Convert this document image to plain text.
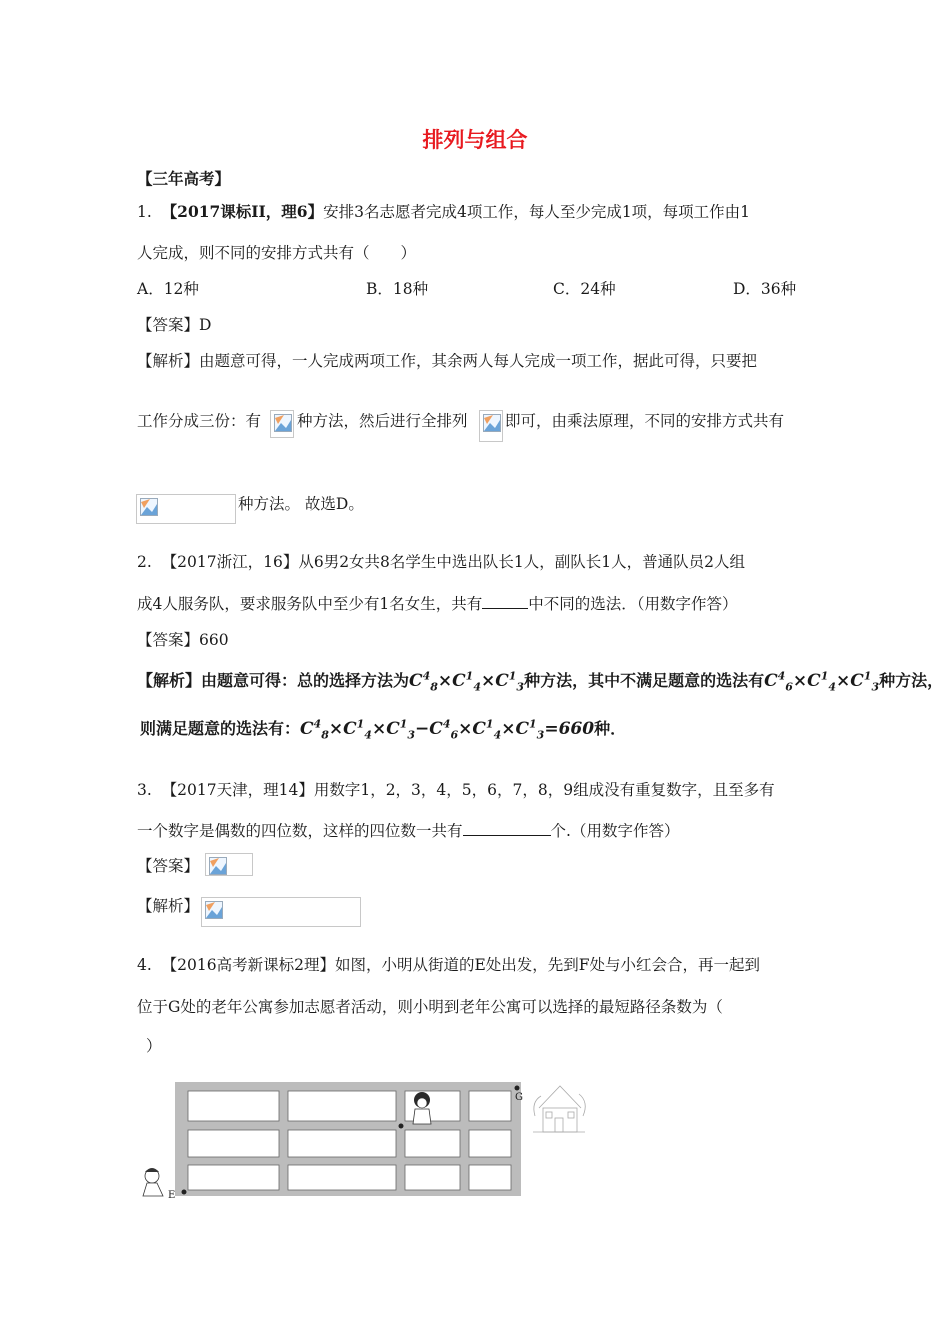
排列与组合
【三年高考】
1. 【2017课标II，理6】安排3名志愿者完成4项工作，每人至少完成1项，每项工作由1
人完成，则不同的安排方式共有（　　）
A．12种	B．18种	C．24种	D．36种
【答案】D
【解析】由题意可得，一人完成两项工作，其余两人每人完成一项工作，据此可得，只要把
工作分成三份：有 种方法，然后进行全排列 即可，由乘法原理，不同的安排方式共有
种方法。 故选D。
2. 【2017浙江，16】从6男2女共8名学生中选出队长1人，副队长1人，普通队员2人组
成4人服务队，要求服务队中至少有1名女生，共有	中不同的选法．（用数字作答）
【答案】660
【解析】由题意可得：总的选择方法为$C^4_8\times C^1_4\times C^1_3$种方法，其中不满足题意的选法有$C^4_6\times C^1_4\times C^1_3$种方法，
则满足题意的选法有：$C^4_8\times C^1_4\times C^1_3-C^4_6\times C^1_4\times C^1_3=660$种．
3. 【2017天津，理14】用数字1，2，3，4，5，6，7，8，9组成没有重复数字，且至多有
一个数字是偶数的四位数，这样的四位数一共有	个.（用数字作答）
【答案】
【解析】
4. 【2016高考新课标2理】如图，小明从街道的E处出发，先到F处与小红会合，再一起到
位于G处的老年公寓参加志愿者活动，则小明到老年公寓可以选择的最短路径条数为（
）
E
G
